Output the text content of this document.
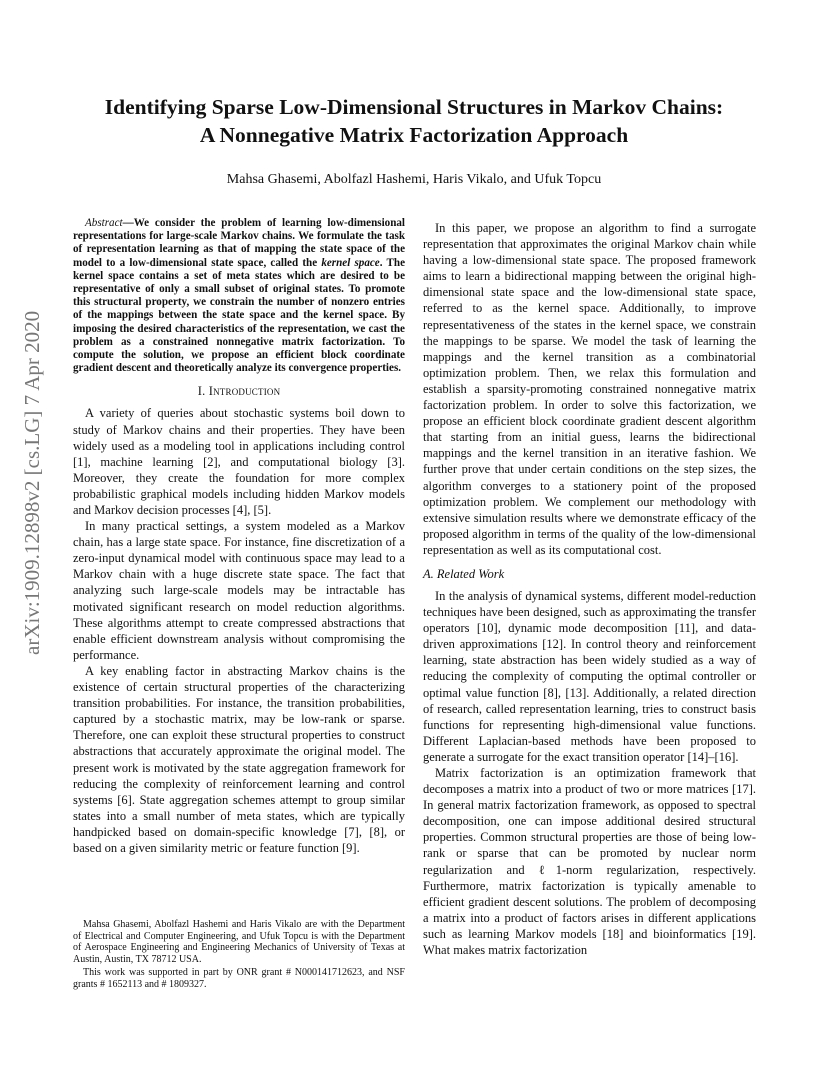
arXiv:1909.12898v2 [cs.LG] 7 Apr 2020
Identifying Sparse Low-Dimensional Structures in Markov Chains:
A Nonnegative Matrix Factorization Approach
Mahsa Ghasemi, Abolfazl Hashemi, Haris Vikalo, and Ufuk Topcu

Abstract—We consider the problem of learning low-dimensional representations for large-scale Markov chains. We formulate the task of representation learning as that of mapping the state space of the model to a low-dimensional state space, called the kernel space. The kernel space contains a set of meta states which are desired to be representative of only a small subset of original states. To promote this structural property, we constrain the number of nonzero entries of the mappings between the state space and the kernel space. By imposing the desired characteristics of the representation, we cast the problem as a constrained nonnegative matrix factorization. To compute the solution, we propose an efficient block coordinate gradient descent and theoretically analyze its convergence properties.

I. Introduction

A variety of queries about stochastic systems boil down to study of Markov chains and their properties. They have been widely used as a modeling tool in applications including control [1], machine learning [2], and computational biology [3]. Moreover, they create the foundation for more complex probabilistic graphical models including hidden Markov models and Markov decision processes [4], [5].

In many practical settings, a system modeled as a Markov chain, has a large state space. For instance, fine discretization of a zero-input dynamical model with continuous space may lead to a Markov chain with a huge discrete state space. The fact that analyzing such large-scale models may be intractable has motivated significant research on model reduction algorithms. These algorithms attempt to create compressed abstractions that enable efficient downstream analysis without compromising the performance.

A key enabling factor in abstracting Markov chains is the existence of certain structural properties of the characterizing transition probabilities. For instance, the transition probabilities, captured by a stochastic matrix, may be low-rank or sparse. Therefore, one can exploit these structural properties to construct abstractions that accurately approximate the original model. The present work is motivated by the state aggregation framework for reducing the complexity of reinforcement learning and control systems [6]. State aggregation schemes attempt to group similar states into a small number of meta states, which are typically handpicked based on domain-specific knowledge [7], [8], or based on a given similarity metric or feature function [9].

Mahsa Ghasemi, Abolfazl Hashemi and Haris Vikalo are with the Department of Electrical and Computer Engineering, and Ufuk Topcu is with the Department of Aerospace Engineering and Engineering Mechanics of University of Texas at Austin, Austin, TX 78712 USA.

This work was supported in part by ONR grant # N000141712623, and NSF grants # 1652113 and # 1809327.

In this paper, we propose an algorithm to find a surrogate representation that approximates the original Markov chain while having a low-dimensional state space. The proposed framework aims to learn a bidirectional mapping between the original high-dimensional state space and the low-dimensional state space, referred to as the kernel space. Additionally, to improve representativeness of the states in the kernel space, we constrain the mappings to be sparse. We model the task of learning the mappings and the kernel transition as a combinatorial optimization problem. Then, we relax this formulation and establish a sparsity-promoting constrained nonnegative matrix factorization problem. In order to solve this factorization, we propose an efficient block coordinate gradient descent algorithm that starting from an initial guess, learns the bidirectional mappings and the kernel transition in an iterative fashion. We further prove that under certain conditions on the step sizes, the algorithm converges to a stationery point of the proposed optimization problem. We complement our methodology with extensive simulation results where we demonstrate efficacy of the proposed algorithm in terms of the quality of the low-dimensional representation as well as its computational cost.

A. Related Work

In the analysis of dynamical systems, different model-reduction techniques have been designed, such as approximating the transfer operators [10], dynamic mode decomposition [11], and data-driven approximations [12]. In control theory and reinforcement learning, state abstraction has been widely studied as a way of reducing the complexity of computing the optimal controller or optimal value function [8], [13]. Additionally, a related direction of research, called representation learning, tries to construct basis functions for representing high-dimensional value functions. Different Laplacian-based methods have been proposed to generate a surrogate for the exact transition operator [14]–[16].

Matrix factorization is an optimization framework that decomposes a matrix into a product of two or more matrices [17]. In general matrix factorization framework, as opposed to spectral decomposition, one can impose additional desired structural properties. Common structural properties are those of being low-rank or sparse that can be promoted by nuclear norm regularization and ℓ1-norm regularization, respectively. Furthermore, matrix factorization is typically amenable to efficient gradient descent solutions. The problem of decomposing a matrix into a product of factors arises in different applications such as learning Markov models [18] and bioinformatics [19]. What makes matrix factorization
